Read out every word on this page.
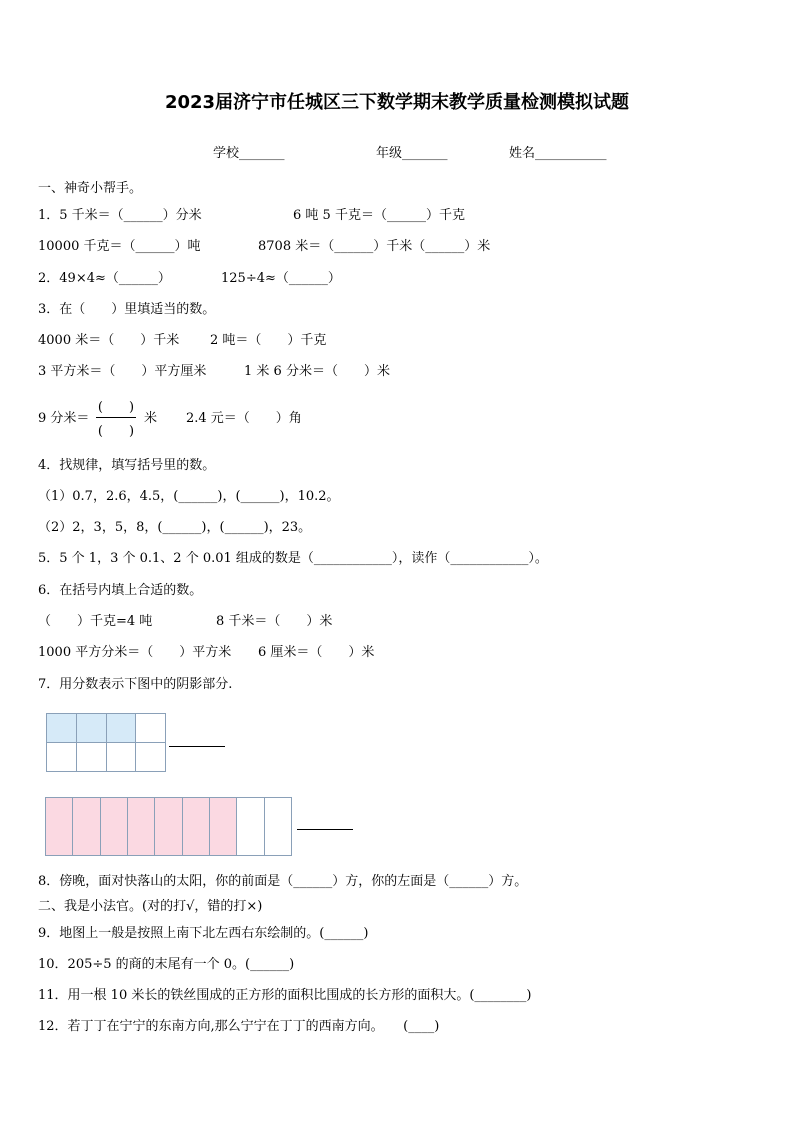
2023届济宁市任城区三下数学期末教学质量检测模拟试题
学校_______	年级_______	姓名___________
一、神奇小帮手。
1．5 千米＝（______）分米	6 吨 5 千克＝（______）千克
10000 千克＝（______）吨	8708 米＝（______）千米（______）米
2．49×4≈（______）	125÷4≈（______）
3．在（　　）里填适当的数。
4000 米＝（　　）千米 2 吨＝（　　）千克
3 平方米＝（　　）平方厘米	1 米 6 分米＝（　　）米
9 分米＝
(　　)
(　　)
米 2.4 元＝（　　）角
4．找规律，填写括号里的数。
（1）0.7，2.6，4.5，(______)，(______)，10.2。
（2）2，3，5，8，(______)，(______)，23。
5．5 个 1，3 个 0.1、2 个 0.01 组成的数是（____________），读作（____________）。
6．在括号内填上合适的数。
（　　）千克=4 吨	8 千米＝（　　）米
1000 平方分米＝（　　）平方米 6 厘米＝（　　）米
7．用分数表示下图中的阴影部分.
8．傍晚，面对快落山的太阳，你的前面是（______）方，你的左面是（______）方。
二、我是小法官。(对的打√，错的打×)
9．地图上一般是按照上南下北左西右东绘制的。(______)
10．205÷5 的商的末尾有一个 0。(______)
11．用一根 10 米长的铁丝围成的正方形的面积比围成的长方形的面积大。(________)
12．若丁丁在宁宁的东南方向,那么宁宁在丁丁的西南方向。　　(____)
